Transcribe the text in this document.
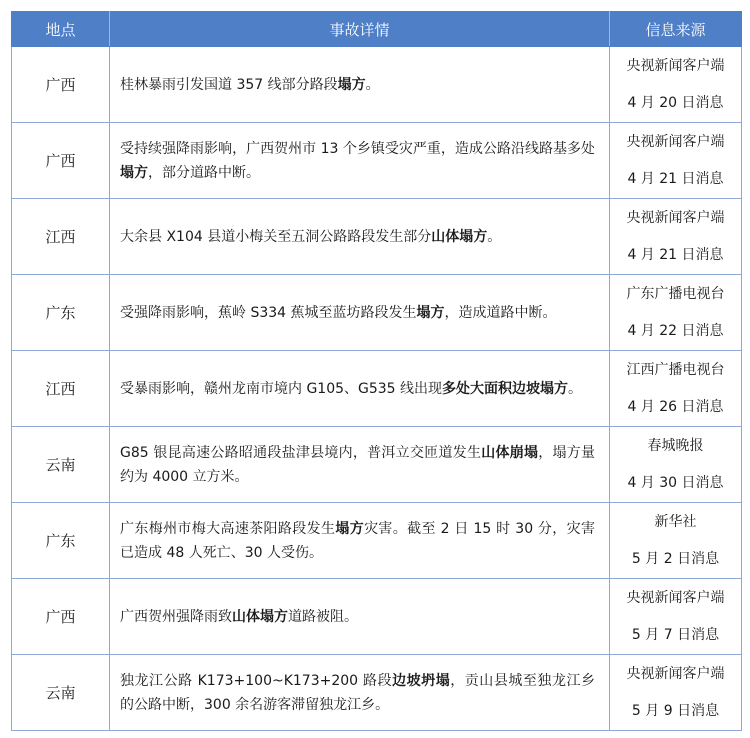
地点	事故详情	信息来源
广西	桂林暴雨引发国道 357 线部分路段塌方。	央视新闻客户端
4 月 20 日消息

广西	受持续强降雨影响，广西贺州市 13 个乡镇受灾严重，造成公路沿线路基多处塌方，部分道路中断。	央视新闻客户端
4 月 21 日消息

江西	大余县 X104 县道小梅关至五洞公路路段发生部分山体塌方。	央视新闻客户端
4 月 21 日消息

广东	受强降雨影响，蕉岭 S334 蕉城至蓝坊路段发生塌方，造成道路中断。	广东广播电视台
4 月 22 日消息

江西	受暴雨影响，赣州龙南市境内 G105、G535 线出现多处大面积边坡塌方。	江西广播电视台
4 月 26 日消息

云南	G85 银昆高速公路昭通段盐津县境内，普洱立交匝道发生山体崩塌，塌方量约为 4000 立方米。	春城晚报
4 月 30 日消息

广东	广东梅州市梅大高速茶阳路段发生塌方灾害。截至 2 日 15 时 30 分，灾害已造成 48 人死亡、30 人受伤。	新华社
5 月 2 日消息

广西	广西贺州强降雨致山体塌方道路被阻。	央视新闻客户端
5 月 7 日消息

云南	独龙江公路 K173+100~K173+200 路段边坡坍塌，贡山县城至独龙江乡的公路中断，300 余名游客滞留独龙江乡。	央视新闻客户端
5 月 9 日消息
